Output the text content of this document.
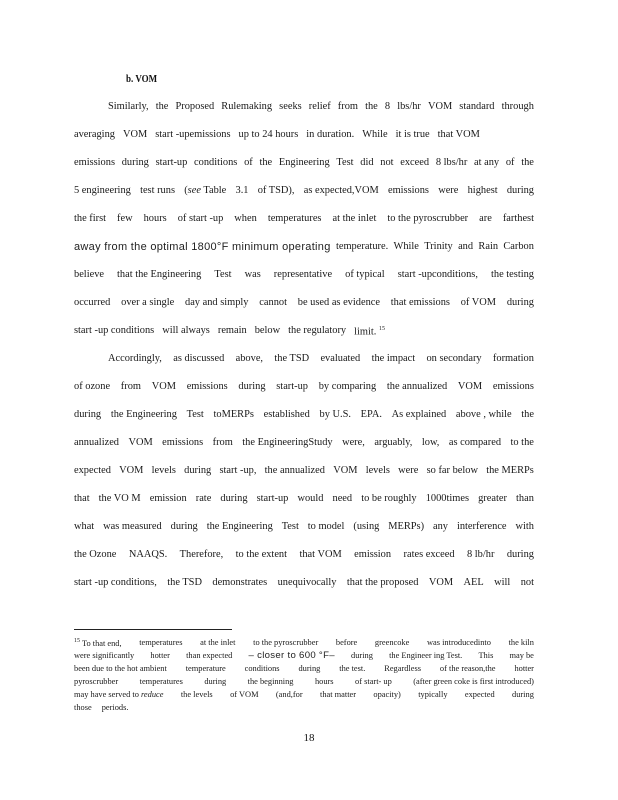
b. VOM
Similarly, the Proposed Rulemaking seeks relief from the 8 lbs/hr VOM standard through
averaging VOM start -upemissions up to 24 hours in duration. While it is true that VOM
emissions during start-up conditions of the Engineering Test did not exceed 8 lbs/hr at any of the
5 engineering test runs (see Table 3.1 of TSD), as expected,VOM emissions were highest during
the first few hours of start -up when temperatures at the inlet to the pyroscrubber are farthest
away from the optimal 1800°F minimum operating temperature. While Trinity and Rain Carbon
believe that the Engineering Test was representative of typical start -upconditions, the testing
occurred over a single day and simply cannot be used as evidence that emissions of VOM during
start -up conditions will always remain below the regulatory limit. 15
Accordingly, as discussed above, the TSD evaluated the impact on secondary formation
of ozone from VOM emissions during start-up by comparing the annualized VOM emissions
during the Engineering Test toMERPs established by U.S. EPA. As explained above , while the
annualized VOM emissions from the EngineeringStudy were, arguably, low, as compared to the
expected VOM levels during start -up, the annualized VOM levels were so far below the MERPs
that the VO M emission rate during start-up would need to be roughly 1000times greater than
what was measured during the Engineering Test to model (using MERPs) any interference with
the Ozone NAAQS. Therefore, to the extent that VOM emission rates exceed 8 lb/hr during
start -up conditions, the TSD demonstrates unequivocally that the proposed VOM AEL will not
$^{15}$ To that end, temperatures at the inlet to the pyroscrubber before greencoke was introducedinto the kiln
were significantly hotter than expected – closer to 600 °F– during the Engineer ing Test. This may be
been due to the hot ambient temperature conditions during the test. Regardless of the reason,the hotter
pyroscrubber	temperatures	during	the beginning	hours	of start- up	(after green coke is first introduced)
may have served to reduce the levels of VOM (and,for that matter opacity) typically expected during
those periods.
18
